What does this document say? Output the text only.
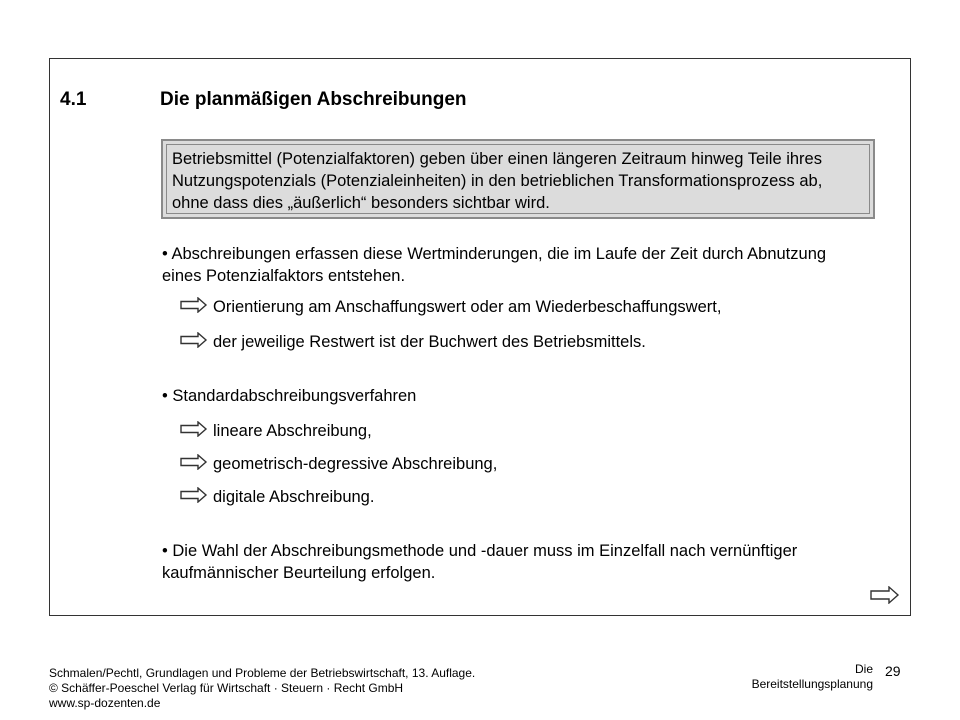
4.1	Die planmäßigen Abschreibungen
Betriebsmittel (Potenzialfaktoren) geben über einen längeren Zeitraum hinweg Teile ihres Nutzungspotenzials (Potenzialeinheiten) in den betrieblichen Transformationsprozess ab, ohne dass dies „äußerlich“ besonders sichtbar wird.
• Abschreibungen erfassen diese Wertminderungen, die im Laufe der Zeit durch Abnutzung eines Potenzialfaktors entstehen.
Orientierung am Anschaffungswert oder am Wiederbeschaffungswert,
der jeweilige Restwert ist der Buchwert des Betriebsmittels.
• Standardabschreibungsverfahren
lineare Abschreibung,
geometrisch-degressive Abschreibung,
digitale Abschreibung.
• Die Wahl der Abschreibungsmethode und -dauer muss im Einzelfall nach vernünftiger kaufmännischer Beurteilung erfolgen.
Schmalen/Pechtl, Grundlagen und Probleme der Betriebswirtschaft, 13. Auflage.
© Schäffer-Poeschel Verlag für Wirtschaft · Steuern · Recht GmbH
www.sp-dozenten.de
Die
Bereitstellungsplanung
29
